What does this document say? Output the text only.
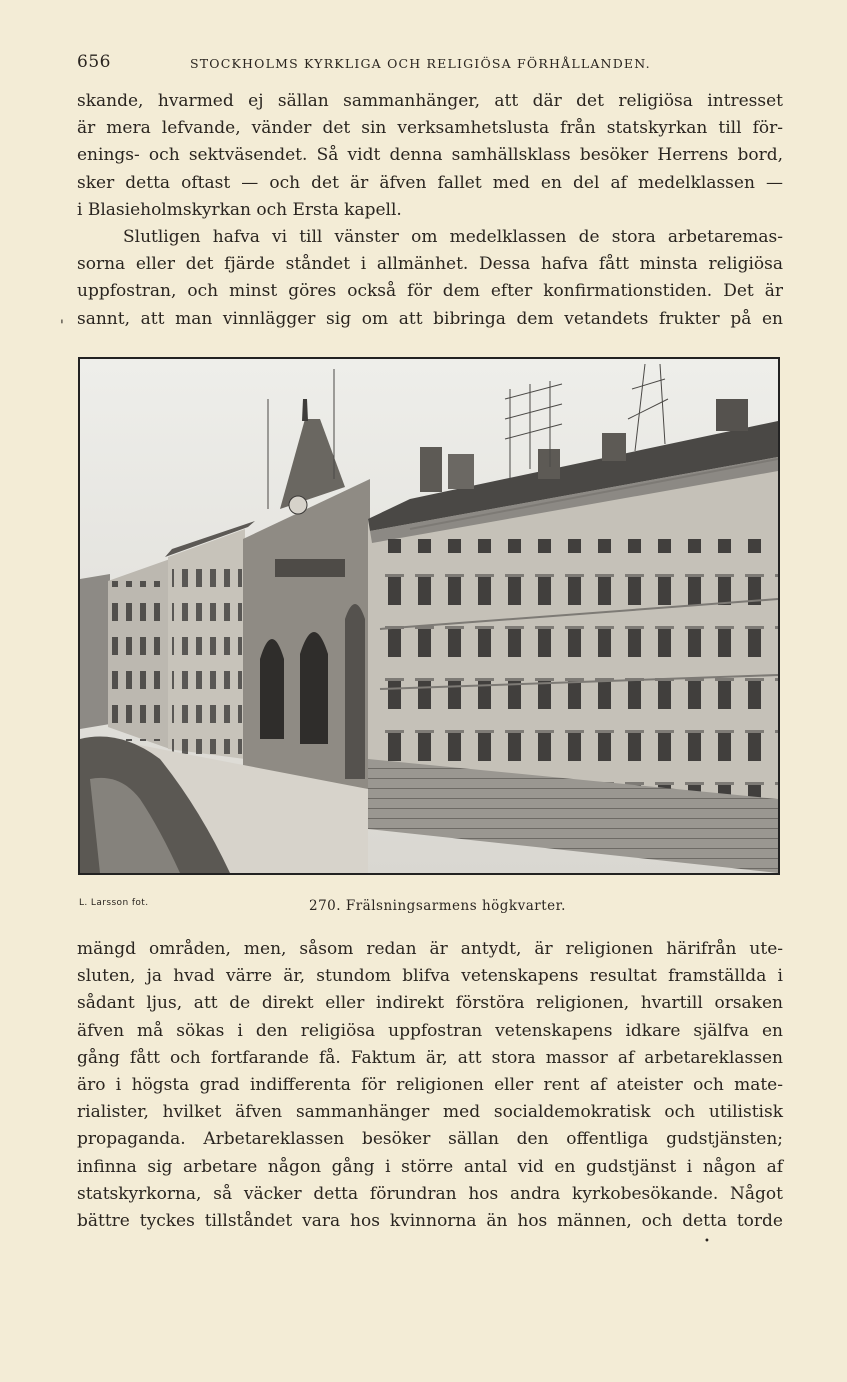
656	STOCKHOLMS KYRKLIGA OCH RELIGIÖSA FÖRHÅLLANDEN.
skande, hvarmed ej sällan sammanhänger, att där det religiösa intresset
är mera lefvande, vänder det sin verksamhetslusta från statskyrkan till för-
enings- och sektväsendet. Så vidt denna samhällsklass besöker Herrens bord,
sker detta oftast — och det är äfven fallet med en del af medelklassen —
i Blasieholmskyrkan och Ersta kapell.
Slutligen hafva vi till vänster om medelklassen de stora arbetaremas-
sorna eller det fjärde ståndet i allmänhet. Dessa hafva fått minsta religiösa
uppfostran, och minst göres också för dem efter konfirmationstiden. Det är
sannt, att man vinnlägger sig om att bibringa dem vetandets frukter på en
'
L. Larsson fot.	270. Frälsningsarmens högkvarter.
mängd områden, men, såsom redan är antydt, är religionen härifrån ute-
sluten, ja hvad värre är, stundom blifva vetenskapens resultat framställda i
sådant ljus, att de direkt eller indirekt förstöra religionen, hvartill orsaken
äfven må sökas i den religiösa uppfostran vetenskapens idkare själfva en
gång fått och fortfarande få. Faktum är, att stora massor af arbetareklassen
äro i högsta grad indifferenta för religionen eller rent af ateister och mate-
rialister, hvilket äfven sammanhänger med socialdemokratisk och utilistisk
propaganda. Arbetareklassen besöker sällan den offentliga gudstjänsten;
infinna sig arbetare någon gång i större antal vid en gudstjänst i någon af
statskyrkorna, så väcker detta förundran hos andra kyrkobesökande. Något
bättre tyckes tillståndet vara hos kvinnorna än hos männen, och detta torde
•
